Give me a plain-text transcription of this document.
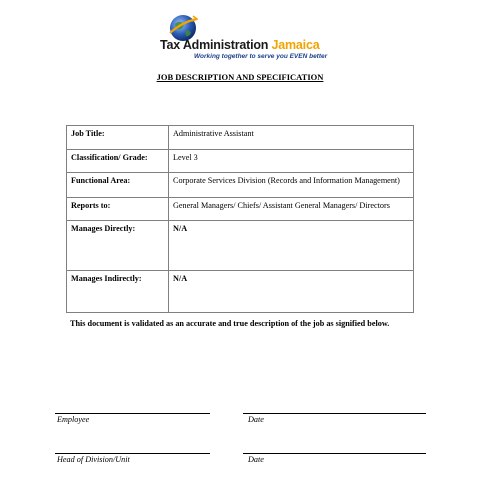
Tax Administration Jamaica
Working together to serve you EVEN better
JOB DESCRIPTION AND SPECIFICATION
Job Title:	Administrative Assistant
Classification/ Grade:	Level 3
Functional Area:	Corporate Services Division (Records and Information Management)
Reports to:	General Managers/ Chiefs/ Assistant General Managers/ Directors
Manages Directly:	N/A
Manages Indirectly:	N/A
This document is validated as an accurate and true description of the job as signified below.
Employee	Date
Head of Division/Unit	Date
